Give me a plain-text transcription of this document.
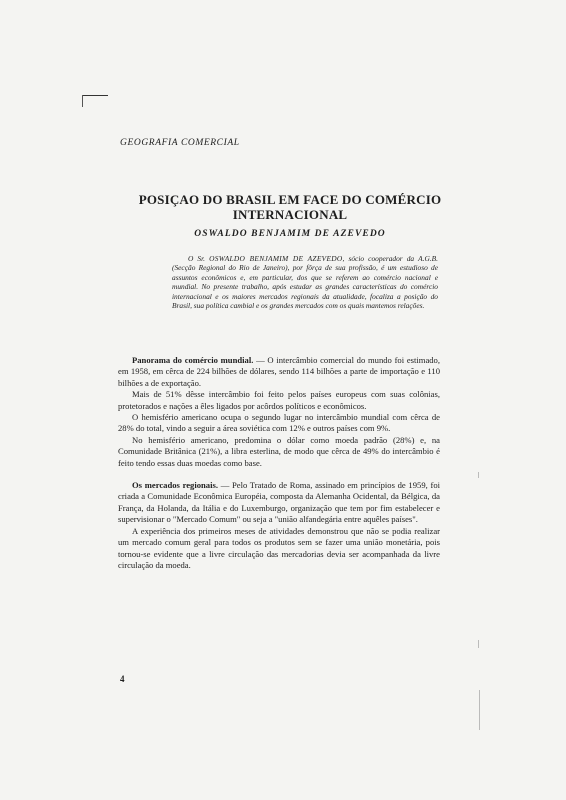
GEOGRAFIA COMERCIAL
POSIÇAO DO BRASIL EM FACE DO COMÉRCIO INTERNACIONAL
OSWALDO BENJAMIM DE AZEVEDO
O Sr. OSWALDO BENJAMIM DE AZEVEDO, sócio cooperador da A.G.B. (Secção Regional do Rio de Janeiro), por fôrça de sua profissão, é um estudioso de assuntos econômicos e, em particular, dos que se referem ao comércio nacional e mundial. No presente trabalho, após estudar as grandes características do comércio internacional e os maiores mercados regionais da atualidade, focaliza a posição do Brasil, sua política cambial e os grandes mercados com os quais mantemos relações.

Panorama do comércio mundial. — O intercâmbio comercial do mundo foi estimado, em 1958, em cêrca de 224 bilhões de dólares, sendo 114 bilhões a parte de importação e 110 bilhões a de exportação.

Mais de 51% dêsse intercâmbio foi feito pelos países europeus com suas colônias, protetorados e nações a êles ligados por acôrdos políticos e econômicos.

O hemisfério americano ocupa o segundo lugar no intercâmbio mundial com cêrca de 28% do total, vindo a seguir a área soviética com 12% e outros países com 9%.

No hemisfério americano, predomina o dólar como moeda padrão (28%) e, na Comunidade Britânica (21%), a libra esterlina, de modo que cêrca de 49% do intercâmbio é feito tendo essas duas moedas como base.

Os mercados regionais. — Pelo Tratado de Roma, assinado em princípios de 1959, foi criada a Comunidade Econômica Européia, composta da Alemanha Ocidental, da Bélgica, da França, da Holanda, da Itália e do Luxemburgo, organização que tem por fim estabelecer e supervisionar o "Mercado Comum" ou seja a "união alfandegária entre aquêles países".

A experiência dos primeiros meses de atividades demonstrou que não se podia realizar um mercado comum geral para todos os produtos sem se fazer uma união monetária, pois tornou-se evidente que a livre circulação das mercadorias devia ser acompanhada da livre circulação da moeda.

4
